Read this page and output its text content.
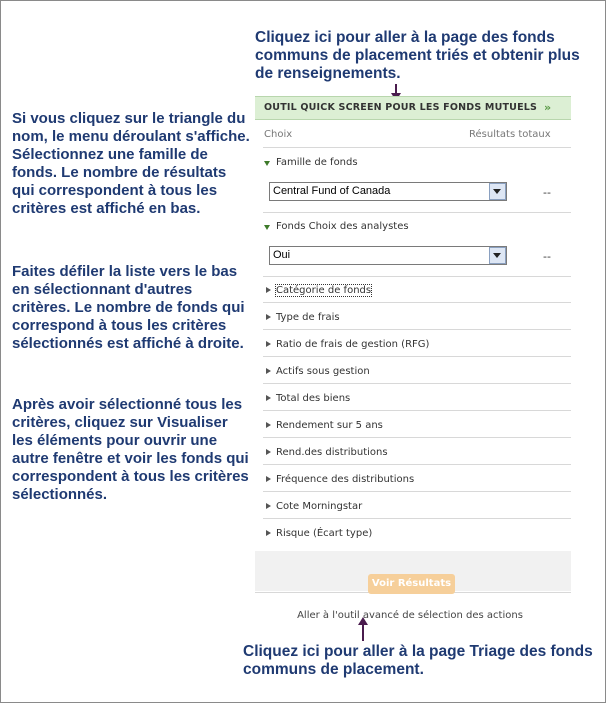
Cliquez ici pour aller à la page des fonds communs de placement triés et obtenir plus de renseignements.
Si vous cliquez sur le triangle du nom, le menu déroulant s'affiche. Sélectionnez une famille de fonds. Le nombre de résultats qui correspondent à tous les critères est affiché en bas.
Faites défiler la liste vers le bas en sélectionnant d'autres critères. Le nombre de fonds qui correspond à tous les critères sélectionnés est affiché à droite.
Après avoir sélectionné tous les critères, cliquez sur Visualiser les éléments pour ouvrir une autre fenêtre et voir les fonds qui correspondent à tous les critères sélectionnés.
Cliquez ici pour aller à la page Triage des fonds communs de placement.
OUTIL QUICK SCREEN POUR LES FONDS MUTUELS »
Choix	Résultats totaux
Famille de fonds
Central Fund of Canada	--
Fonds Choix des analystes
Oui	--
Catégorie de fonds
Type de frais
Ratio de frais de gestion (RFG)
Actifs sous gestion
Total des biens
Rendement sur 5 ans
Rend.des distributions
Fréquence des distributions
Cote Morningstar
Risque (Écart type)
Voir Résultats
Aller à l'outil avancé de sélection des actions
